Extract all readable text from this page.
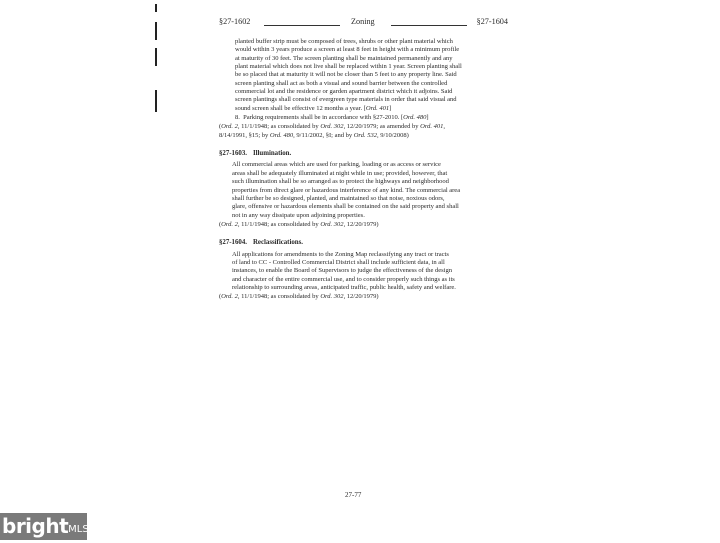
§27-1602	Zoning	§27-1604
planted buffer strip must be composed of trees, shrubs or other plant material which
would within 3 years produce a screen at least 8 feet in height with a minimum profile
at maturity of 30 feet. The screen planting shall be maintained permanently and any
plant material which does not live shall be replaced within 1 year. Screen planting shall
be so placed that at maturity it will not be closer than 5 feet to any property line. Said
screen planting shall act as both a visual and sound barrier between the controlled
commercial lot and the residence or garden apartment district which it adjoins. Said
screen plantings shall consist of evergreen type materials in order that said visual and
sound screen shall be effective 12 months a year. [Ord. 401]
8.  Parking requirements shall be in accordance with §27-2010. [Ord. 480]
(Ord. 2, 11/1/1948; as consolidated by Ord. 302, 12/20/1979; as amended by Ord. 401,
8/14/1991, §15; by Ord. 480, 9/11/2002, §I; and by Ord. 532, 9/10/2008)
§27-1603. Illumination.
All commercial areas which are used for parking, loading or as access or service
areas shall be adequately illuminated at night while in use; provided, however, that
such illumination shall be so arranged as to protect the highways and neighborhood
properties from direct glare or hazardous interference of any kind. The commercial area
shall further be so designed, planted, and maintained so that noise, noxious odors,
glare, offensive or hazardous elements shall be contained on the said property and shall
not in any way dissipate upon adjoining properties.
(Ord. 2, 11/1/1948; as consolidated by Ord. 302, 12/20/1979)
§27-1604. Reclassifications.
All applications for amendments to the Zoning Map reclassifying any tract or tracts
of land to CC - Controlled Commercial District shall include sufficient data, in all
instances, to enable the Board of Supervisors to judge the effectiveness of the design
and character of the entire commercial use, and to consider properly such things as its
relationship to surrounding areas, anticipated traffic, public health, safety and welfare.
(Ord. 2, 11/1/1948; as consolidated by Ord. 302, 12/20/1979)
27-77
brightMLS
